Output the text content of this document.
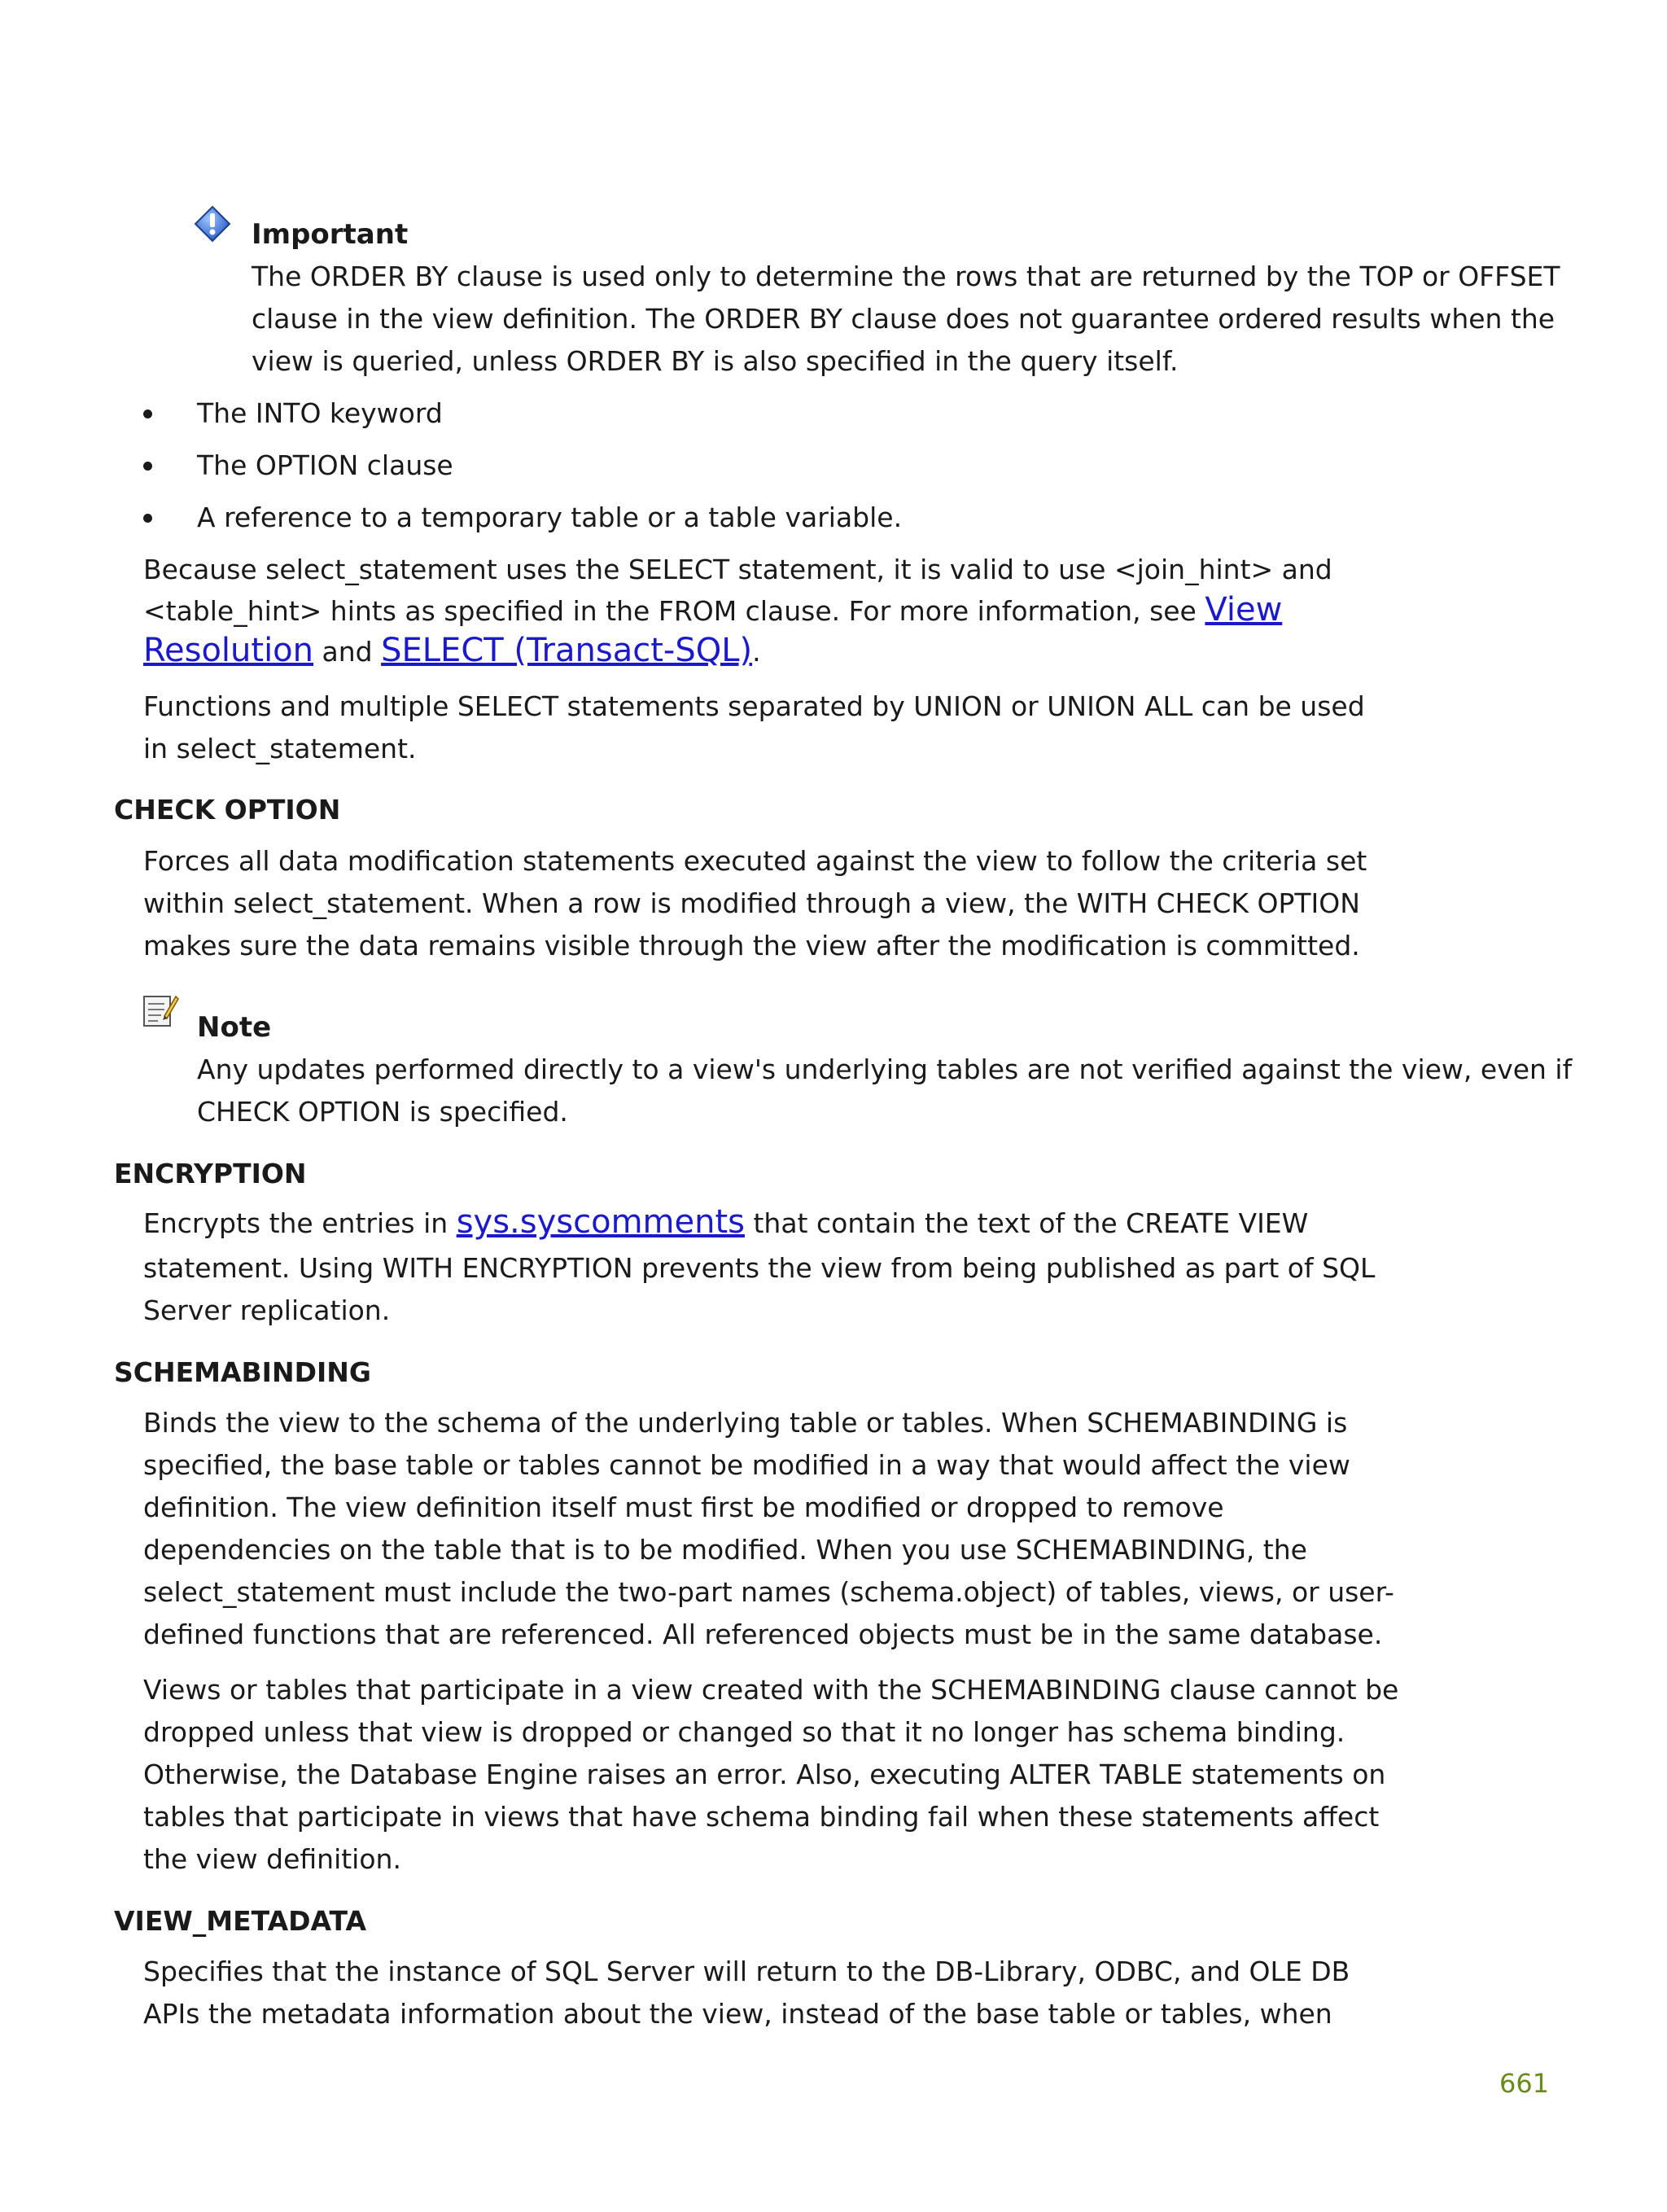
Important
The ORDER BY clause is used only to determine the rows that are returned by the TOP or OFFSET
clause in the view definition. The ORDER BY clause does not guarantee ordered results when the
view is queried, unless ORDER BY is also specified in the query itself.
The INTO keyword
The OPTION clause
A reference to a temporary table or a table variable.
Because select_statement uses the SELECT statement, it is valid to use <join_hint> and
<table_hint> hints as specified in the FROM clause. For more information, see View
Resolution and SELECT (Transact-SQL).
Functions and multiple SELECT statements separated by UNION or UNION ALL can be used
in select_statement.
CHECK OPTION
Forces all data modification statements executed against the view to follow the criteria set
within select_statement. When a row is modified through a view, the WITH CHECK OPTION
makes sure the data remains visible through the view after the modification is committed.
Note
Any updates performed directly to a view's underlying tables are not verified against the view, even if
CHECK OPTION is specified.
ENCRYPTION
Encrypts the entries in sys.syscomments that contain the text of the CREATE VIEW
statement. Using WITH ENCRYPTION prevents the view from being published as part of SQL
Server replication.
SCHEMABINDING
Binds the view to the schema of the underlying table or tables. When SCHEMABINDING is
specified, the base table or tables cannot be modified in a way that would affect the view
definition. The view definition itself must first be modified or dropped to remove
dependencies on the table that is to be modified. When you use SCHEMABINDING, the
select_statement must include the two-part names (schema.object) of tables, views, or user-
defined functions that are referenced. All referenced objects must be in the same database.
Views or tables that participate in a view created with the SCHEMABINDING clause cannot be
dropped unless that view is dropped or changed so that it no longer has schema binding.
Otherwise, the Database Engine raises an error. Also, executing ALTER TABLE statements on
tables that participate in views that have schema binding fail when these statements affect
the view definition.
VIEW_METADATA
Specifies that the instance of SQL Server will return to the DB-Library, ODBC, and OLE DB
APIs the metadata information about the view, instead of the base table or tables, when
661
